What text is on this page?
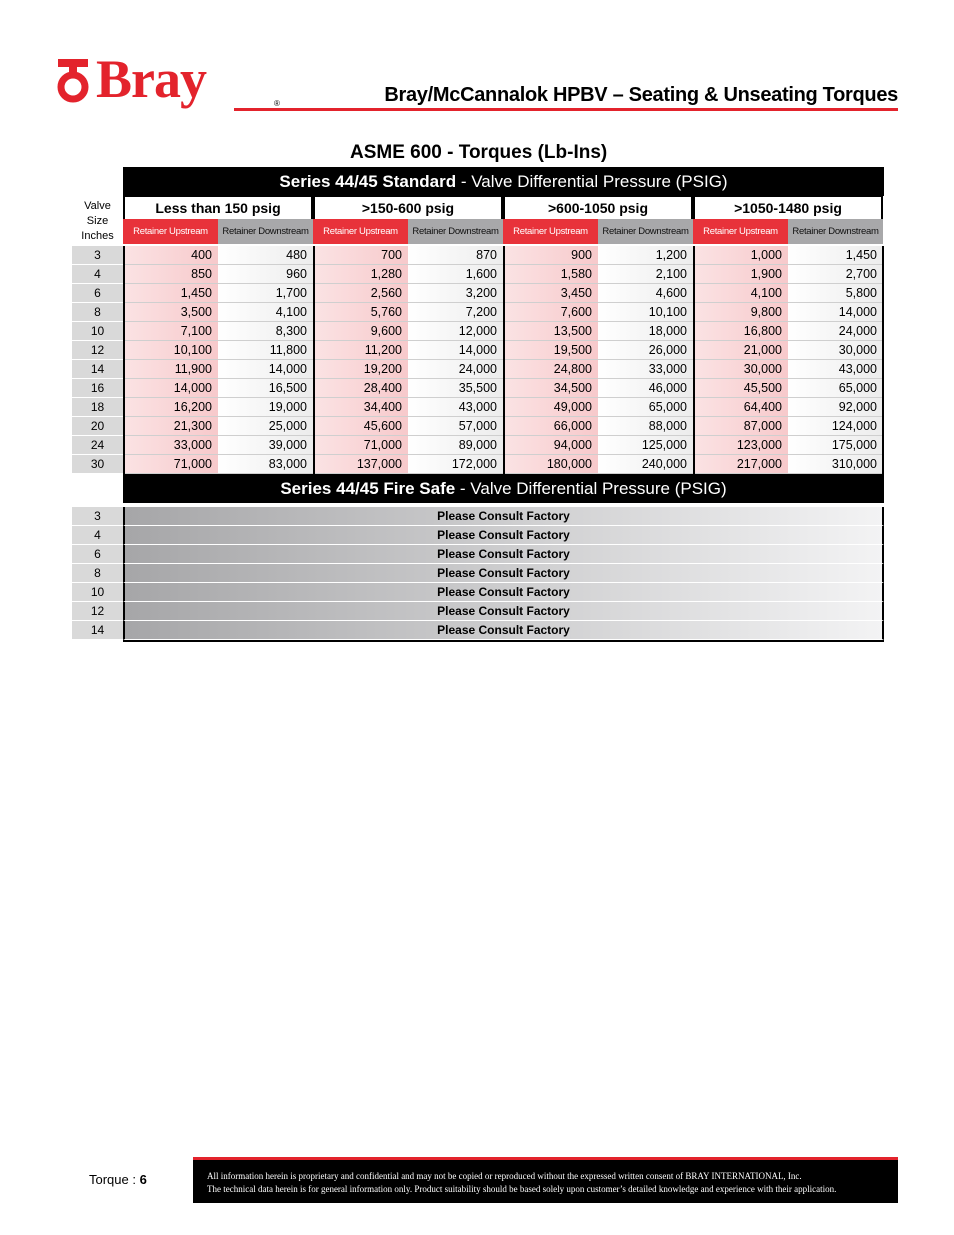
Bray	®	Bray/McCannalok HPBV – Seating & Unseating Torques
ASME 600 - Torques (Lb-Ins)
Series 44/45 Standard - Valve Differential Pressure (PSIG)
Valve
Size
Inches
Less than 150 psig
Retainer Upstream	Retainer Downstream
>150-600 psig
Retainer Upstream	Retainer Downstream
>600-1050 psig
Retainer Upstream	Retainer Downstream
>1050-1480 psig
Retainer Upstream	Retainer Downstream
3	400	480	700	870	900	1,200	1,000	1,450
4	850	960	1,280	1,600	1,580	2,100	1,900	2,700
6	1,450	1,700	2,560	3,200	3,450	4,600	4,100	5,800
8	3,500	4,100	5,760	7,200	7,600	10,100	9,800	14,000
10	7,100	8,300	9,600	12,000	13,500	18,000	16,800	24,000
12	10,100	11,800	11,200	14,000	19,500	26,000	21,000	30,000
14	11,900	14,000	19,200	24,000	24,800	33,000	30,000	43,000
16	14,000	16,500	28,400	35,500	34,500	46,000	45,500	65,000
18	16,200	19,000	34,400	43,000	49,000	65,000	64,400	92,000
20	21,300	25,000	45,600	57,000	66,000	88,000	87,000	124,000
24	33,000	39,000	71,000	89,000	94,000	125,000	123,000	175,000
30	71,000	83,000	137,000	172,000	180,000	240,000	217,000	310,000
Series 44/45 Fire Safe - Valve Differential Pressure (PSIG)
3	Please Consult Factory
4	Please Consult Factory
6	Please Consult Factory
8	Please Consult Factory
10	Please Consult Factory
12	Please Consult Factory
14	Please Consult Factory
Torque : 6	All information herein is proprietary and confidential and may not be copied or reproduced without the expressed written consent of BRAY INTERNATIONAL, Inc.
The technical data herein is for general information only. Product suitability should be based solely upon customer’s detailed knowledge and experience with their application.
